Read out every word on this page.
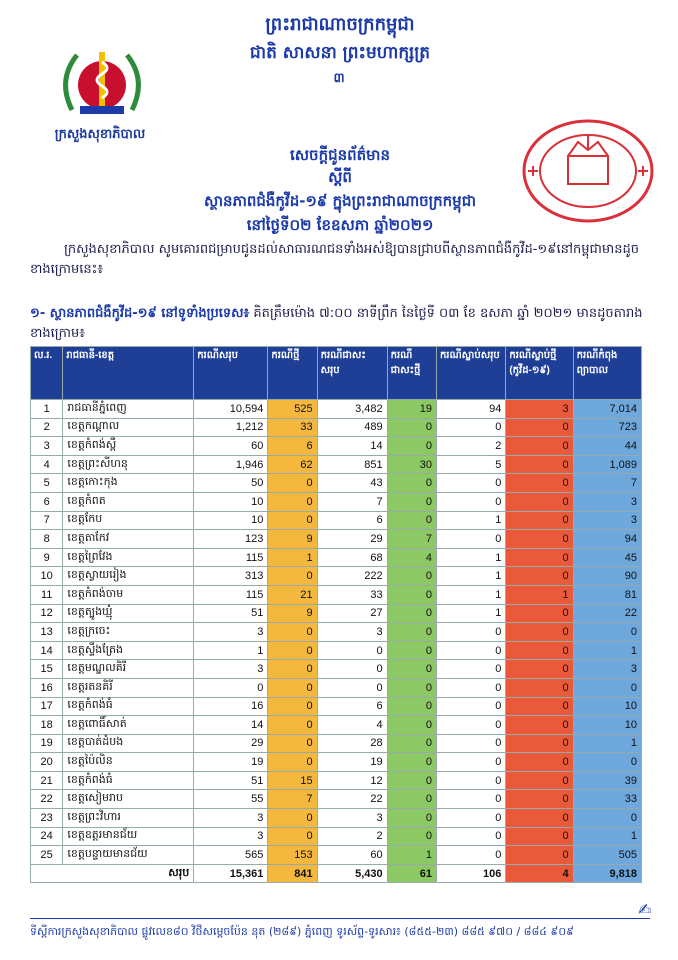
ក្រសួងសុខាភិបាល
ព្រះរាជាណាចក្រកម្ពុជា
ជាតិ សាសនា ព្រះមហាក្សត្រ
៣
សេចក្ដីជូនព័ត៌មាន
ស្ដីពី
ស្ថានភាពជំងឺកូវីដ-១៩ ក្នុងព្រះរាជាណាចក្រកម្ពុជា
នៅថ្ងៃទី០២ ខែឧសភា ឆ្នាំ២០២១
ក្រសួងសុខាភិបាល សូមគោរពជម្រាបជូនដល់សាធារណជនទាំងអស់ឱ្យបានជ្រាបពីស្ថានភាពជំងឺកូវីដ-១៩នៅកម្ពុជាមានដូចខាងក្រោមនេះ៖
១- ស្ថានភាពជំងឺកូវីដ-១៩ នៅទូទាំងប្រទេស៖ គិតត្រឹមម៉ោង ៧:០០ នាទីព្រឹក នៃថ្ងៃទី ០៣ ខែ ឧសភា ឆ្នាំ ២០២១ មានដូចតារាងខាងក្រោម៖
ល.រ.	រាជធានី-ខេត្ត	ករណីសរុប	ករណីថ្មី	ករណីជាសះសរុប	ករណីជាសះថ្មី	ករណីស្លាប់សរុប	ករណីស្លាប់ថ្មី (កូវីដ-១៩)	ករណីកំពុងព្យាបាល
1	រាជធានីភ្នំពេញ	10,594	525	3,482	19	94	3	7,014
2	ខេត្តកណ្ដាល	1,212	33	489	0	0	0	723
3	ខេត្តកំពង់ស្ពឺ	60	6	14	0	2	0	44
4	ខេត្តព្រះសីហនុ	1,946	62	851	30	5	0	1,089
5	ខេត្តកោះកុង	50	0	43	0	0	0	7
6	ខេត្តកំពត	10	0	7	0	0	0	3
7	ខេត្តកែប	10	0	6	0	1	0	3
8	ខេត្តតាកែវ	123	9	29	7	0	0	94
9	ខេត្តព្រៃវែង	115	1	68	4	1	0	45
10	ខេត្តស្វាយរៀង	313	0	222	0	1	0	90
11	ខេត្តកំពង់ចាម	115	21	33	0	1	1	81
12	ខេត្តត្បូងឃ្មុំ	51	9	27	0	1	0	22
13	ខេត្តក្រចេះ	3	0	3	0	0	0	0
14	ខេត្តស្ទឹងត្រែង	1	0	0	0	0	0	1
15	ខេត្តមណ្ឌលគិរី	3	0	0	0	0	0	3
16	ខេត្តរតនគិរី	0	0	0	0	0	0	0
17	ខេត្តកំពង់ធំ	16	0	6	0	0	0	10
18	ខេត្តពោធិ៍សាត់	14	0	4	0	0	0	10
19	ខេត្តបាត់ដំបង	29	0	28	0	0	0	1
20	ខេត្តប៉ៃលិន	19	0	19	0	0	0	0
21	ខេត្តកំពង់ធំ	51	15	12	0	0	0	39
22	ខេត្តសៀមរាប	55	7	22	0	0	0	33
23	ខេត្តព្រះវិហារ	3	0	3	0	0	0	0
24	ខេត្តឧត្ដរមានជ័យ	3	0	2	0	0	0	1
25	ខេត្តបន្ទាយមានជ័យ	565	153	60	1	0	0	505
សរុប		15,361	841	5,430	61	106	4	9,818
ទីស្ដីការក្រសួងសុខាភិបាល ផ្លូវលេខ៨០ វិថីសម្ដេចប៉ែន នុត (២៨៩) ភ្នំពេញ ទូរស័ព្ទ-ទូរសារ៖ (៨៥៥-២៣) ៨៨៥ ៩៧០ / ៨៨៤ ៩០៩
✍
